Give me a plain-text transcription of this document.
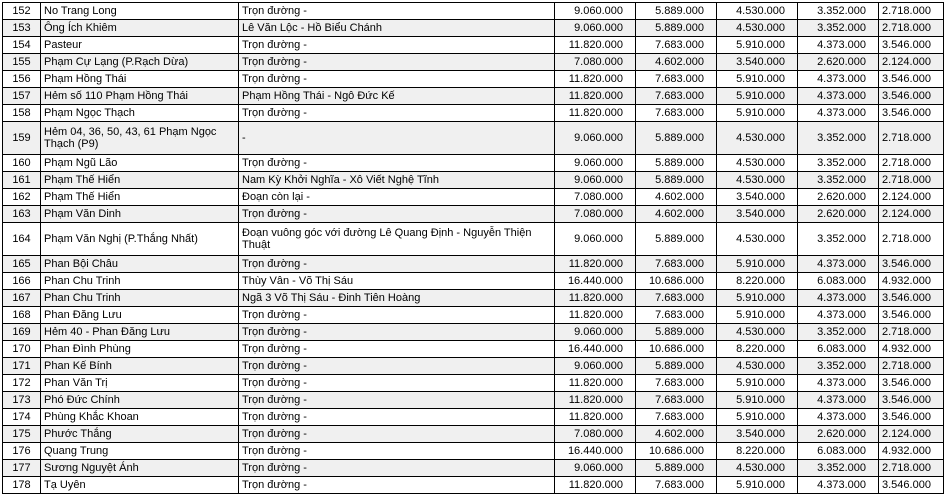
152	No Trang Long	Trọn đường -	9.060.000	5.889.000	4.530.000	3.352.000	2.718.000
153	Ông Ích Khiêm	Lê Văn Lộc - Hồ Biểu Chánh	9.060.000	5.889.000	4.530.000	3.352.000	2.718.000
154	Pasteur	Trọn đường -	11.820.000	7.683.000	5.910.000	4.373.000	3.546.000
155	Phạm Cự Lạng (P.Rạch Dừa)	Trọn đường -	7.080.000	4.602.000	3.540.000	2.620.000	2.124.000
156	Phạm Hồng Thái	Trọn đường -	11.820.000	7.683.000	5.910.000	4.373.000	3.546.000
157	Hẻm số 110 Phạm Hồng Thái	Phạm Hồng Thái - Ngô Đức Kế	11.820.000	7.683.000	5.910.000	4.373.000	3.546.000
158	Phạm Ngọc Thạch	Trọn đường -	11.820.000	7.683.000	5.910.000	4.373.000	3.546.000
159	Hẻm 04, 36, 50, 43, 61 Phạm Ngọc Thạch (P9)	-	9.060.000	5.889.000	4.530.000	3.352.000	2.718.000
160	Phạm Ngũ Lão	Trọn đường -	9.060.000	5.889.000	4.530.000	3.352.000	2.718.000
161	Phạm Thế Hiển	Nam Kỳ Khởi Nghĩa - Xô Viết Nghệ Tĩnh	9.060.000	5.889.000	4.530.000	3.352.000	2.718.000
162	Phạm Thế Hiển	Đoạn còn lại -	7.080.000	4.602.000	3.540.000	2.620.000	2.124.000
163	Phạm Văn Dinh	Trọn đường -	7.080.000	4.602.000	3.540.000	2.620.000	2.124.000
164	Phạm Văn Nghị (P.Thắng Nhất)	Đoạn vuông góc với đường Lê Quang Định - Nguyễn Thiện Thuật	9.060.000	5.889.000	4.530.000	3.352.000	2.718.000
165	Phan Bội Châu	Trọn đường -	11.820.000	7.683.000	5.910.000	4.373.000	3.546.000
166	Phan Chu Trinh	Thùy Vân - Võ Thị Sáu	16.440.000	10.686.000	8.220.000	6.083.000	4.932.000
167	Phan Chu Trinh	Ngã 3 Võ Thị Sáu - Đinh Tiên Hoàng	11.820.000	7.683.000	5.910.000	4.373.000	3.546.000
168	Phan Đăng Lưu	Trọn đường -	11.820.000	7.683.000	5.910.000	4.373.000	3.546.000
169	Hẻm 40 - Phan Đăng Lưu	Trọn đường -	9.060.000	5.889.000	4.530.000	3.352.000	2.718.000
170	Phan Đình Phùng	Trọn đường -	16.440.000	10.686.000	8.220.000	6.083.000	4.932.000
171	Phan Kế Bính	Trọn đường -	9.060.000	5.889.000	4.530.000	3.352.000	2.718.000
172	Phan Văn Trị	Trọn đường -	11.820.000	7.683.000	5.910.000	4.373.000	3.546.000
173	Phó Đức Chính	Trọn đường -	11.820.000	7.683.000	5.910.000	4.373.000	3.546.000
174	Phùng Khắc Khoan	Trọn đường -	11.820.000	7.683.000	5.910.000	4.373.000	3.546.000
175	Phước Thắng	Trọn đường -	7.080.000	4.602.000	3.540.000	2.620.000	2.124.000
176	Quang Trung	Trọn đường -	16.440.000	10.686.000	8.220.000	6.083.000	4.932.000
177	Sương Nguyệt Ánh	Trọn đường -	9.060.000	5.889.000	4.530.000	3.352.000	2.718.000
178	Tạ Uyên	Trọn đường -	11.820.000	7.683.000	5.910.000	4.373.000	3.546.000
